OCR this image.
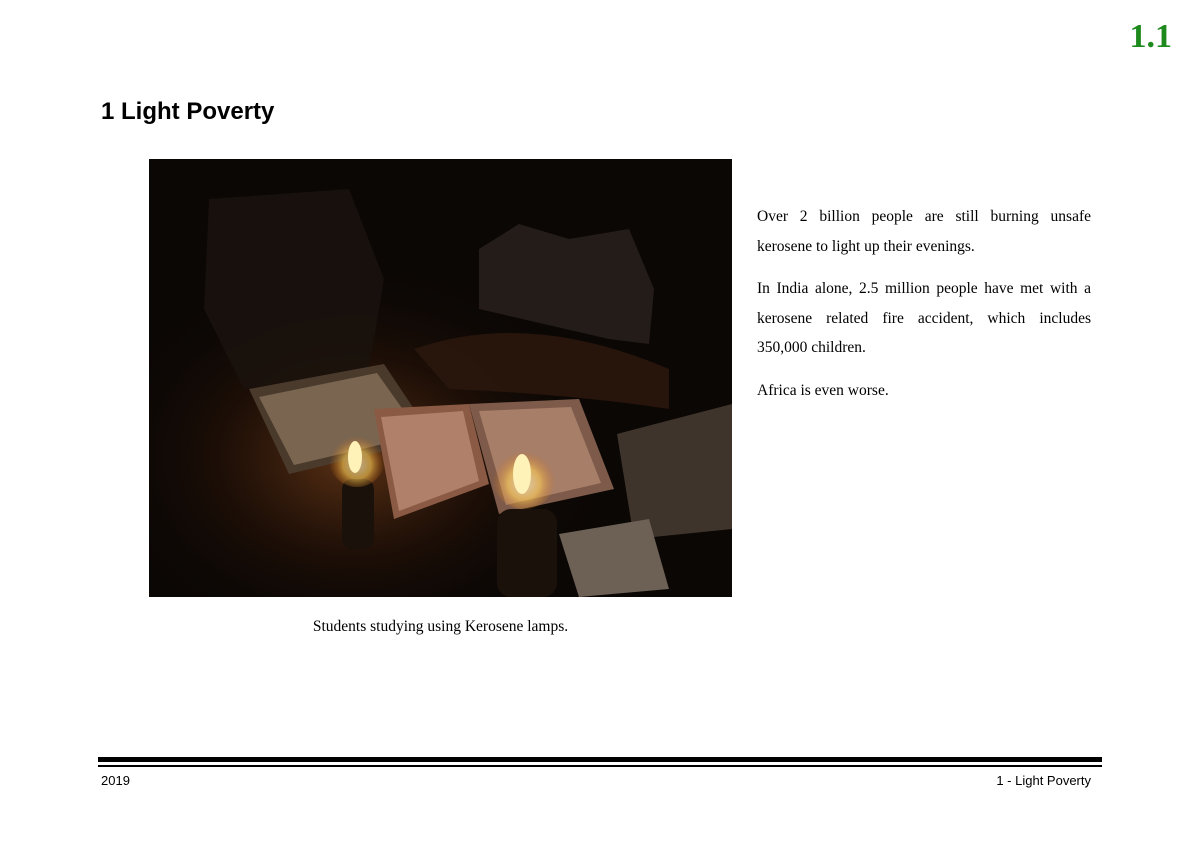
1.1
1 Light Poverty

Students studying using Kerosene lamps.

Over 2 billion people are still burning unsafe kerosene to light up their evenings.

In India alone, 2.5 million people have met with a kerosene related fire accident, which includes 350,000 children.

Africa is even worse.

2019	1 - Light Poverty
